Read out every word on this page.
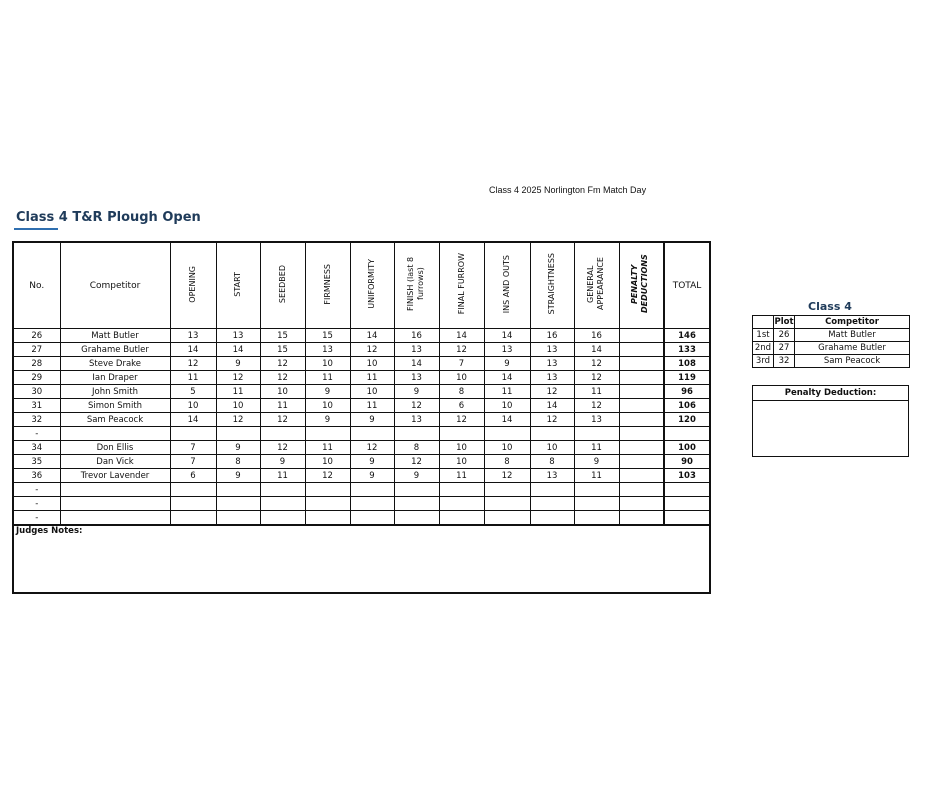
Class 4 2025 Norlington Fm Match Day
Class 4 T&R Plough Open
No.	Competitor	OPENING	START	SEEDBED	FIRMNESS	UNIFORMITY	FINISH (last 8 furrows)	FINAL FURROW	INS AND OUTS	STRAIGHTNESS	GENERAL APPEARANCE	PENALTY DEDUCTIONS	TOTAL
26	Matt Butler	13	13	15	15	14	16	14	14	16	16		146
27	Grahame Butler	14	14	15	13	12	13	12	13	13	14		133
28	Steve Drake	12	9	12	10	10	14	7	9	13	12		108
29	Ian Draper	11	12	12	11	11	13	10	14	13	12		119
30	John Smith	5	11	10	9	10	9	8	11	12	11		96
31	Simon Smith	10	10	11	10	11	12	6	10	14	12		106
32	Sam Peacock	14	12	12	9	9	13	12	14	12	13		120
-													
34	Don Ellis	7	9	12	11	12	8	10	10	10	11		100
35	Dan Vick	7	8	9	10	9	12	10	8	8	9		90
36	Trevor Lavender	6	9	11	12	9	9	11	12	13	11		103
-													
-													
-													
Judges Notes:													
Class 4
	Plot	Competitor
1st	26	Matt Butler
2nd	27	Grahame Butler
3rd	32	Sam Peacock
Penalty Deduction:
